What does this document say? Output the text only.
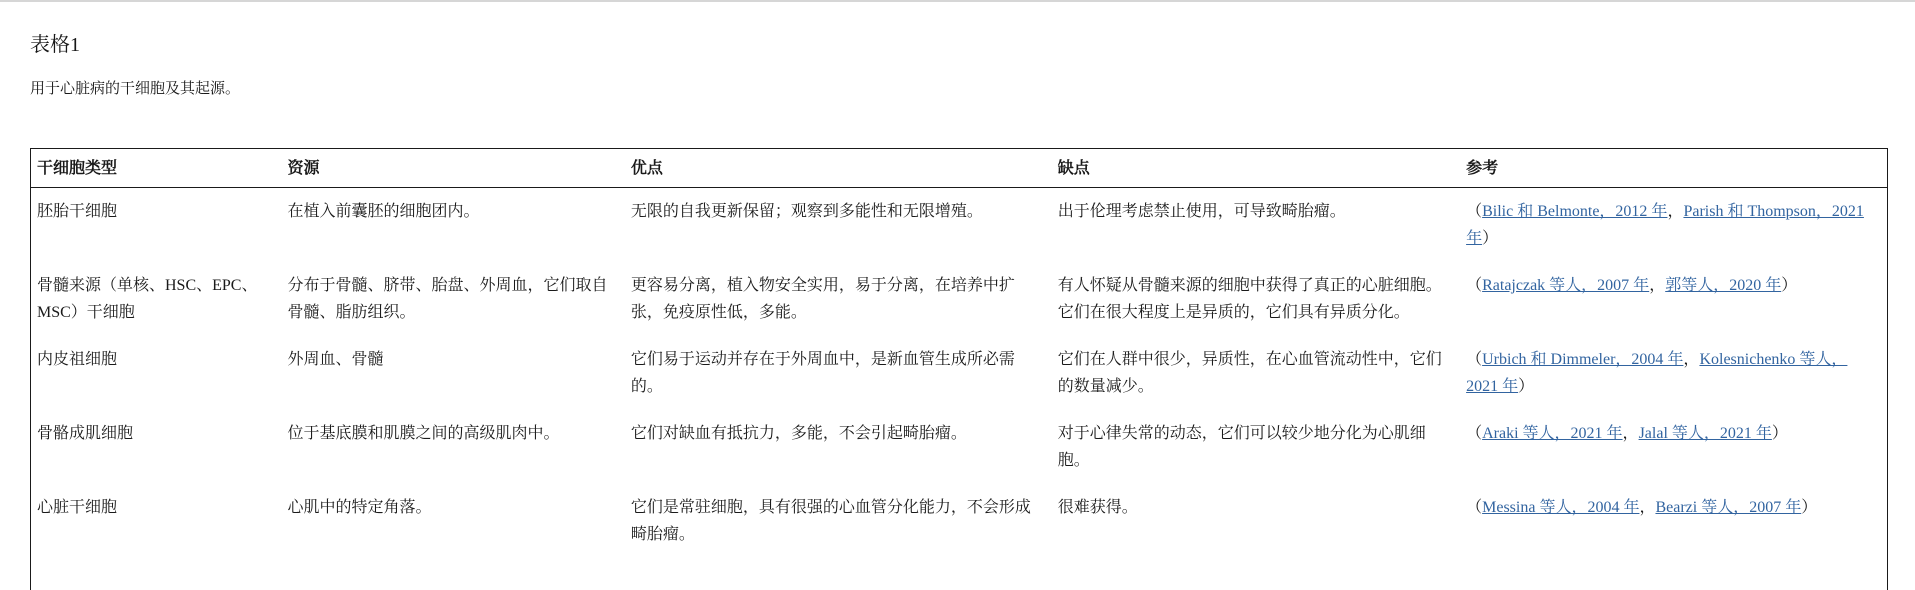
表格1
用于心脏病的干细胞及其起源。
干细胞类型	资源	优点	缺点	参考
胚胎干细胞	在植入前囊胚的细胞团内。	无限的自我更新保留；观察到多能性和无限增殖。	出于伦理考虑禁止使用，可导致畸胎瘤。	（Bilic 和 Belmonte，2012 年，Parish 和 Thompson，2021 年）
骨髓来源（单核、HSC、EPC、MSC）干细胞	分布于骨髓、脐带、胎盘、外周血，它们取自骨髓、脂肪组织。	更容易分离，植入物安全实用，易于分离，在培养中扩张，免疫原性低，多能。	有人怀疑从骨髓来源的细胞中获得了真正的心脏细胞。它们在很大程度上是异质的，它们具有异质分化。	（Ratajczak 等人，2007 年，郭等人，2020 年）
内皮祖细胞	外周血、骨髓	它们易于运动并存在于外周血中，是新血管生成所必需的。	它们在人群中很少，异质性，在心血管流动性中，它们的数量减少。	（Urbich 和 Dimmeler，2004 年，Kolesnichenko 等人，2021 年）
骨骼成肌细胞	位于基底膜和肌膜之间的高级肌肉中。	它们对缺血有抵抗力，多能，不会引起畸胎瘤。	对于心律失常的动态，它们可以较少地分化为心肌细胞。	（Araki 等人，2021 年，Jalal 等人，2021 年）
心脏干细胞	心肌中的特定角落。	它们是常驻细胞，具有很强的心血管分化能力，不会形成畸胎瘤。	很难获得。	（Messina 等人，2004 年，Bearzi 等人，2007 年）
